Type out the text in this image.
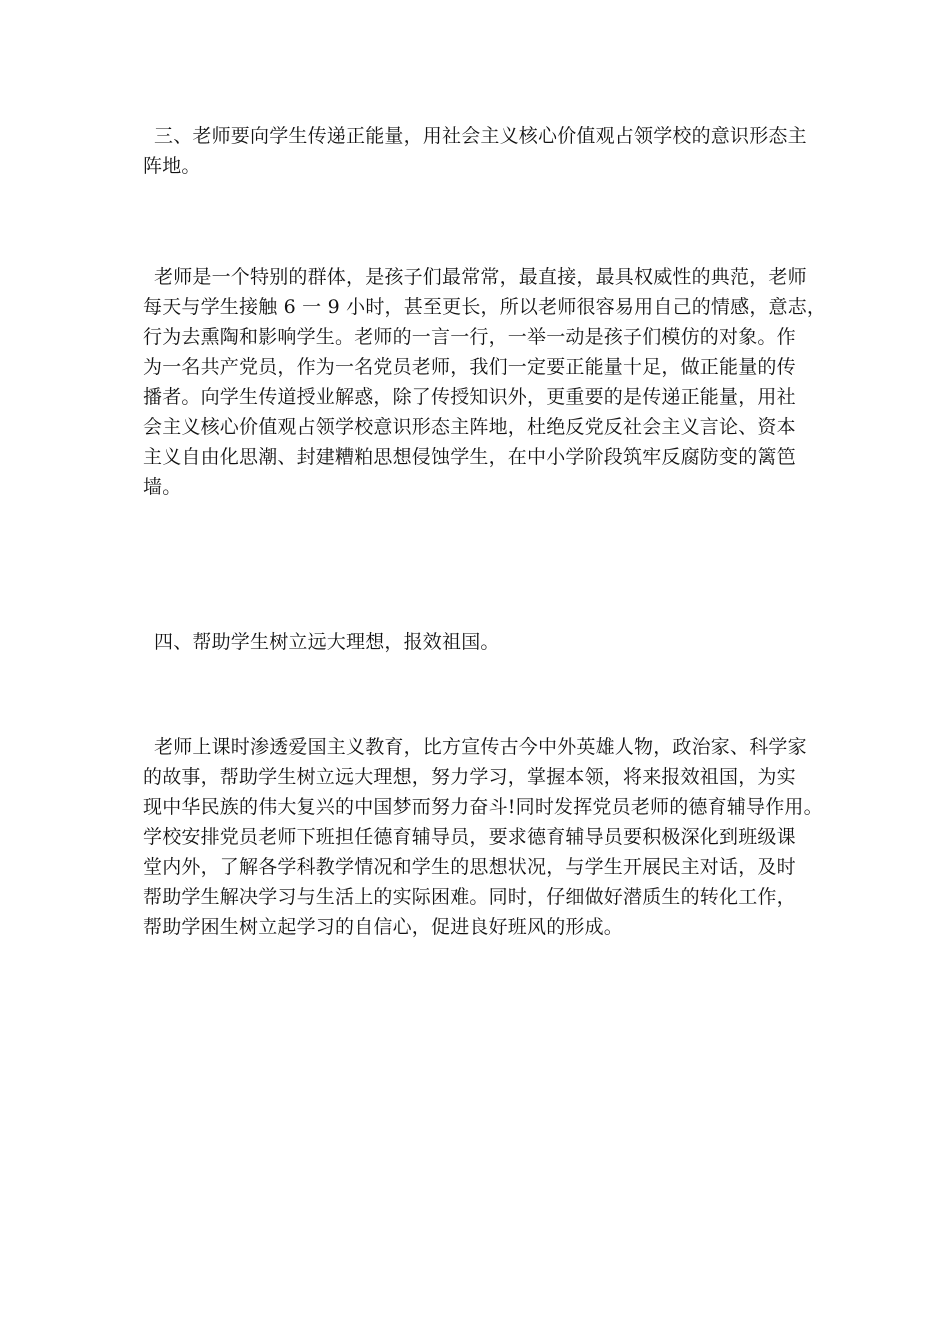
三、老师要向学生传递正能量，用社会主义核心价值观占领学校的意识形态主
阵地。
老师是一个特别的群体，是孩子们最常常，最直接，最具权威性的典范，老师
每天与学生接触 6 一 9 小时，甚至更长，所以老师很容易用自己的情感，意志，
行为去熏陶和影响学生。老师的一言一行，一举一动是孩子们模仿的对象。作
为一名共产党员，作为一名党员老师，我们一定要正能量十足，做正能量的传
播者。向学生传道授业解惑，除了传授知识外，更重要的是传递正能量，用社
会主义核心价值观占领学校意识形态主阵地，杜绝反党反社会主义言论、资本
主义自由化思潮、封建糟粕思想侵蚀学生，在中小学阶段筑牢反腐防变的篱笆
墙。
四、帮助学生树立远大理想，报效祖国。
老师上课时渗透爱国主义教育，比方宣传古今中外英雄人物，政治家、科学家
的故事，帮助学生树立远大理想，努力学习，掌握本领，将来报效祖国，为实
现中华民族的伟大复兴的中国梦而努力奋斗!同时发挥党员老师的德育辅导作用。
学校安排党员老师下班担任德育辅导员，要求德育辅导员要积极深化到班级课
堂内外，了解各学科教学情况和学生的思想状况，与学生开展民主对话，及时
帮助学生解决学习与生活上的实际困难。同时，仔细做好潜质生的转化工作，
帮助学困生树立起学习的自信心，促进良好班风的形成。
